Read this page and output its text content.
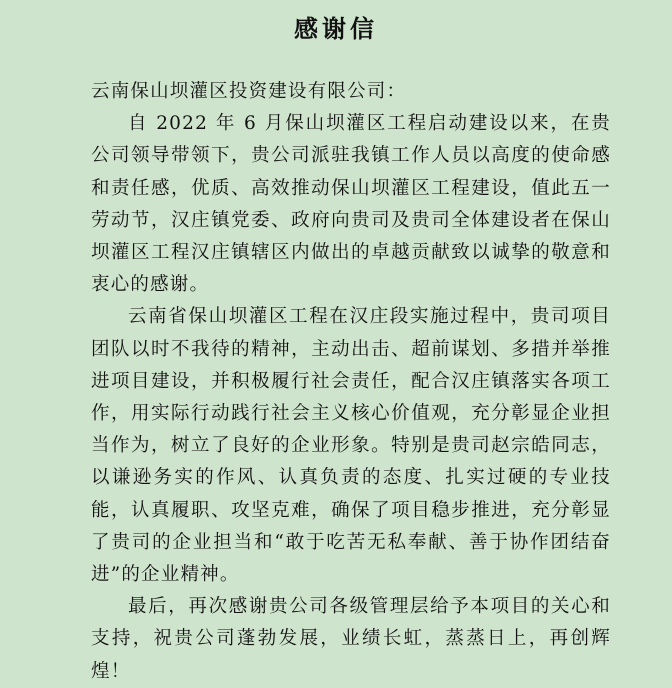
感谢信

云南保山坝灌区投资建设有限公司：

自 2022 年 6 月保山坝灌区工程启动建设以来，在贵公司领导带领下，贵公司派驻我镇工作人员以高度的使命感和责任感，优质、高效推动保山坝灌区工程建设，值此五一劳动节，汉庄镇党委、政府向贵司及贵司全体建设者在保山坝灌区工程汉庄镇辖区内做出的卓越贡献致以诚挚的敬意和衷心的感谢。

云南省保山坝灌区工程在汉庄段实施过程中，贵司项目团队以时不我待的精神，主动出击、超前谋划、多措并举推进项目建设，并积极履行社会责任，配合汉庄镇落实各项工作，用实际行动践行社会主义核心价值观，充分彰显企业担当作为，树立了良好的企业形象。特别是贵司赵宗皓同志，以谦逊务实的作风、认真负责的态度、扎实过硬的专业技能，认真履职、攻坚克难，确保了项目稳步推进，充分彰显了贵司的企业担当和“敢于吃苦无私奉献、善于协作团结奋进”的企业精神。

最后，再次感谢贵公司各级管理层给予本项目的关心和支持，祝贵公司蓬勃发展，业绩长虹，蒸蒸日上，再创辉煌！
